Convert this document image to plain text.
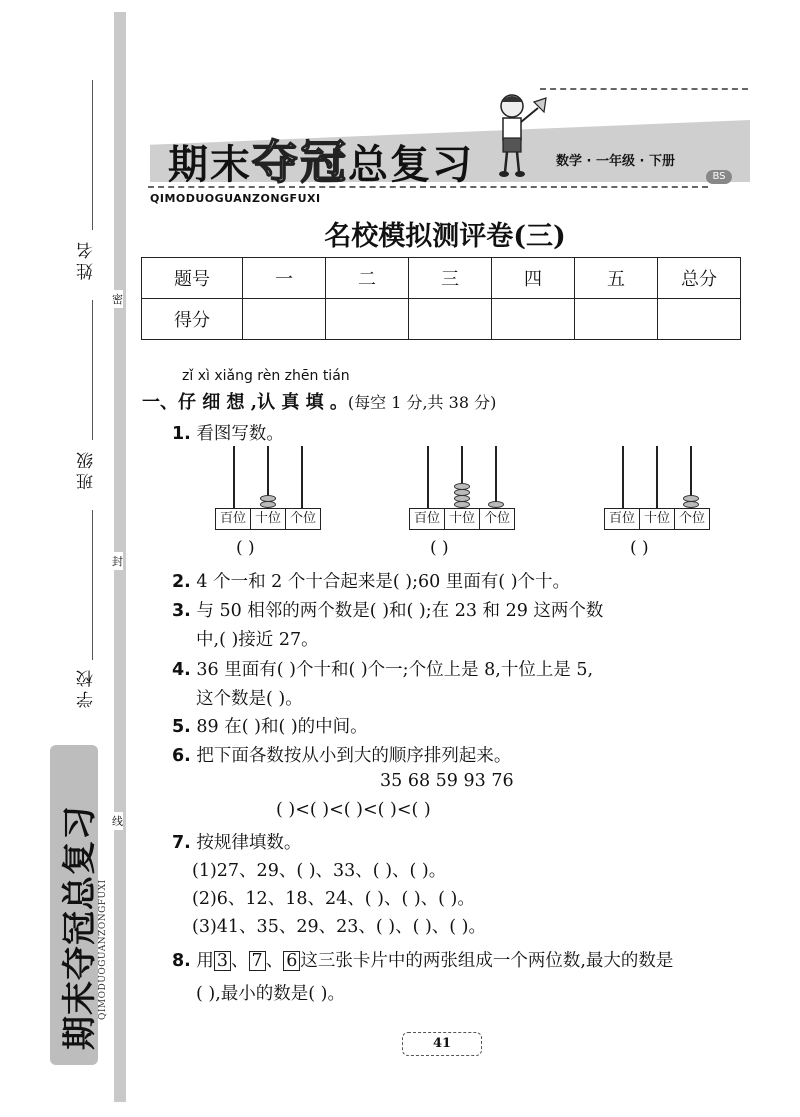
姓名
班级
学校
密
封
线
期末夺冠总复习
QIMODUOGUANZONGFUXI
期末夺冠总复习
QIMODUOGUANZONGFUXI
数学 · 一年级 · 下册
BS
名校模拟测评卷(三)
题号	一	二	三	四	五	总分
得分						
zǐ xì xiǎng rèn zhēn tián
一、仔 细 想 ,认 真 填 。(每空 1 分,共 38 分)
1. 看图写数。
百位 十位 个位	百位 十位 个位	百位 十位 个位
( )	( )	( )
2. 4 个一和 2 个十合起来是( );60 里面有( )个十。
3. 与 50 相邻的两个数是( )和( );在 23 和 29 这两个数
中,( )接近 27。
4. 36 里面有( )个十和( )个一;个位上是 8,十位上是 5,
这个数是( )。
5. 89 在( )和( )的中间。
6. 把下面各数按从小到大的顺序排列起来。
35 68 59 93 76
( )<( )<( )<( )<( )
7. 按规律填数。
(1)27、29、( )、33、( )、( )。
(2)6、12、18、24、( )、( )、( )。
(3)41、35、29、23、( )、( )、( )。
8. 用 3 、 7 、 6 这三张卡片中的两张组成一个两位数,最大的数是
( ),最小的数是( )。
41
